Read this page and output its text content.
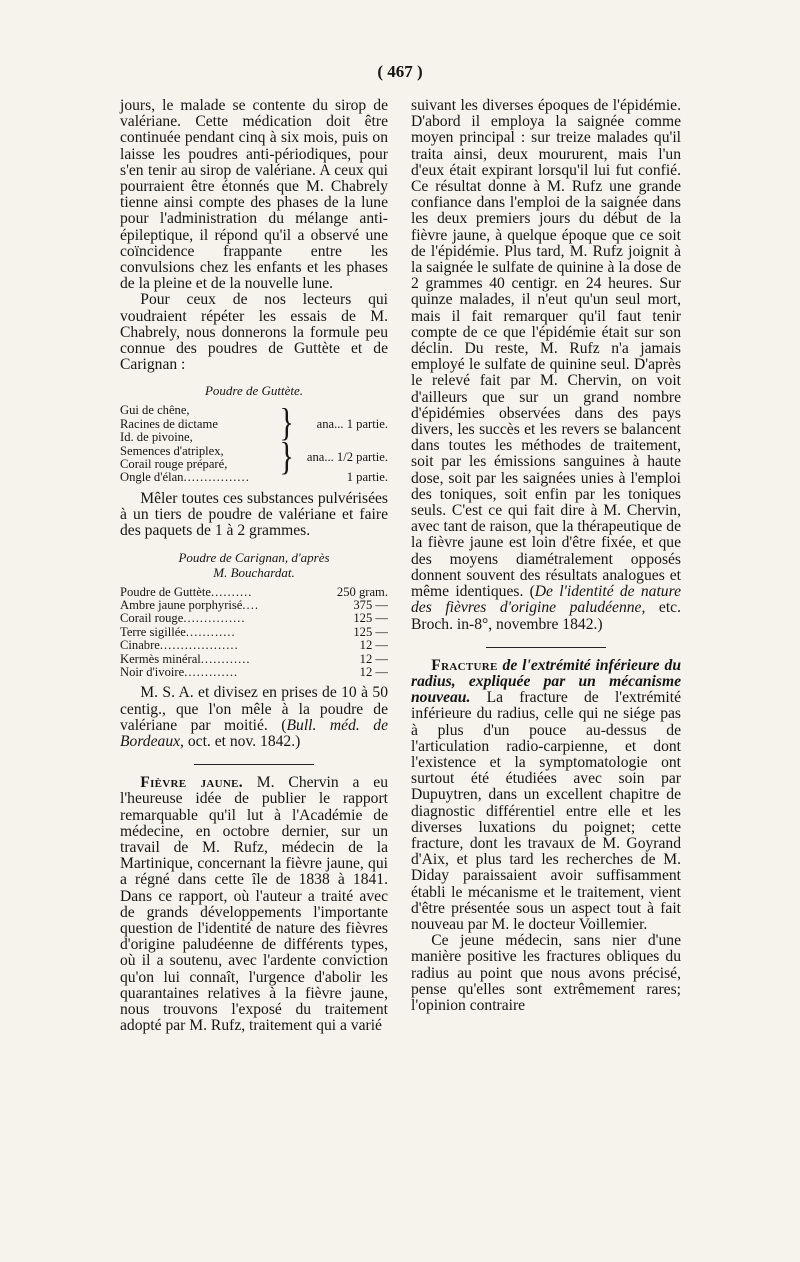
( 467 )

jours, le malade se contente du sirop de valériane. Cette médication doit être continuée pendant cinq à six mois, puis on laisse les poudres anti-périodiques, pour s'en tenir au sirop de valériane. A ceux qui pourraient être étonnés que M. Chabrely tienne ainsi compte des phases de la lune pour l'administration du mélange anti-épileptique, il répond qu'il a observé une coïncidence frappante entre les convulsions chez les enfants et les phases de la pleine et de la nouvelle lune.

Pour ceux de nos lecteurs qui voudraient répéter les essais de M. Chabrely, nous donnerons la formule peu connue des poudres de Guttète et de Carignan :

Poudre de Guttète.
Gui de chêne,
Racines de dictame
Id. de pivoine,	}	ana... 1 partie.

Semences d'atriplex,
Corail rouge préparé,	}	ana... 1/2 partie.
Ongle d'élan................		1 partie.

Mêler toutes ces substances pulvérisées à un tiers de poudre de valériane et faire des paquets de 1 à 2 grammes.

Poudre de Carignan, d'après
M. Bouchardat.
Poudre de Guttète..........	250 gram.
Ambre jaune porphyrisé....	375 —
Corail rouge...............	125 —
Terre sigillée............	125 —
Cinabre...................	12 —
Kermès minéral............	12 —
Noir d'ivoire.............	12 —

M. S. A. et divisez en prises de 10 à 50 centig., que l'on mêle à la poudre de valériane par moitié. (Bull. méd. de Bordeaux, oct. et nov. 1842.)

Fièvre jaune. M. Chervin a eu l'heureuse idée de publier le rapport remarquable qu'il lut à l'Académie de médecine, en octobre dernier, sur un travail de M. Rufz, médecin de la Martinique, concernant la fièvre jaune, qui a régné dans cette île de 1838 à 1841. Dans ce rapport, où l'auteur a traité avec de grands développements l'importante question de l'identité de nature des fièvres d'origine paludéenne de différents types, où il a soutenu, avec l'ardente conviction qu'on lui connaît, l'urgence d'abolir les quarantaines relatives à la fièvre jaune, nous trouvons l'exposé du traitement adopté par M. Rufz, traitement qui a varié

suivant les diverses époques de l'épidémie. D'abord il employa la saignée comme moyen principal : sur treize malades qu'il traita ainsi, deux moururent, mais l'un d'eux était expirant lorsqu'il lui fut confié. Ce résultat donne à M. Rufz une grande confiance dans l'emploi de la saignée dans les deux premiers jours du début de la fièvre jaune, à quelque époque que ce soit de l'épidémie. Plus tard, M. Rufz joignit à la saignée le sulfate de quinine à la dose de 2 grammes 40 centigr. en 24 heures. Sur quinze malades, il n'eut qu'un seul mort, mais il fait remarquer qu'il faut tenir compte de ce que l'épidémie était sur son déclin. Du reste, M. Rufz n'a jamais employé le sulfate de quinine seul. D'après le relevé fait par M. Chervin, on voit d'ailleurs que sur un grand nombre d'épidémies observées dans des pays divers, les succès et les revers se balancent dans toutes les méthodes de traitement, soit par les émissions sanguines à haute dose, soit par les saignées unies à l'emploi des toniques, soit enfin par les toniques seuls. C'est ce qui fait dire à M. Chervin, avec tant de raison, que la thérapeutique de la fièvre jaune est loin d'être fixée, et que des moyens diamétralement opposés donnent souvent des résultats analogues et même identiques. (De l'identité de nature des fièvres d'origine paludéenne, etc. Broch. in-8°, novembre 1842.)

Fracture de l'extrémité inférieure du radius, expliquée par un mécanisme nouveau. La fracture de l'extrémité inférieure du radius, celle qui ne siége pas à plus d'un pouce au-dessus de l'articulation radio-carpienne, et dont l'existence et la symptomatologie ont surtout été étudiées avec soin par Dupuytren, dans un excellent chapitre de diagnostic différentiel entre elle et les diverses luxations du poignet; cette fracture, dont les travaux de M. Goyrand d'Aix, et plus tard les recherches de M. Diday paraissaient avoir suffisamment établi le mécanisme et le traitement, vient d'être présentée sous un aspect tout à fait nouveau par M. le docteur Voillemier.

Ce jeune médecin, sans nier d'une manière positive les fractures obliques du radius au point que nous avons précisé, pense qu'elles sont extrêmement rares; l'opinion contraire
